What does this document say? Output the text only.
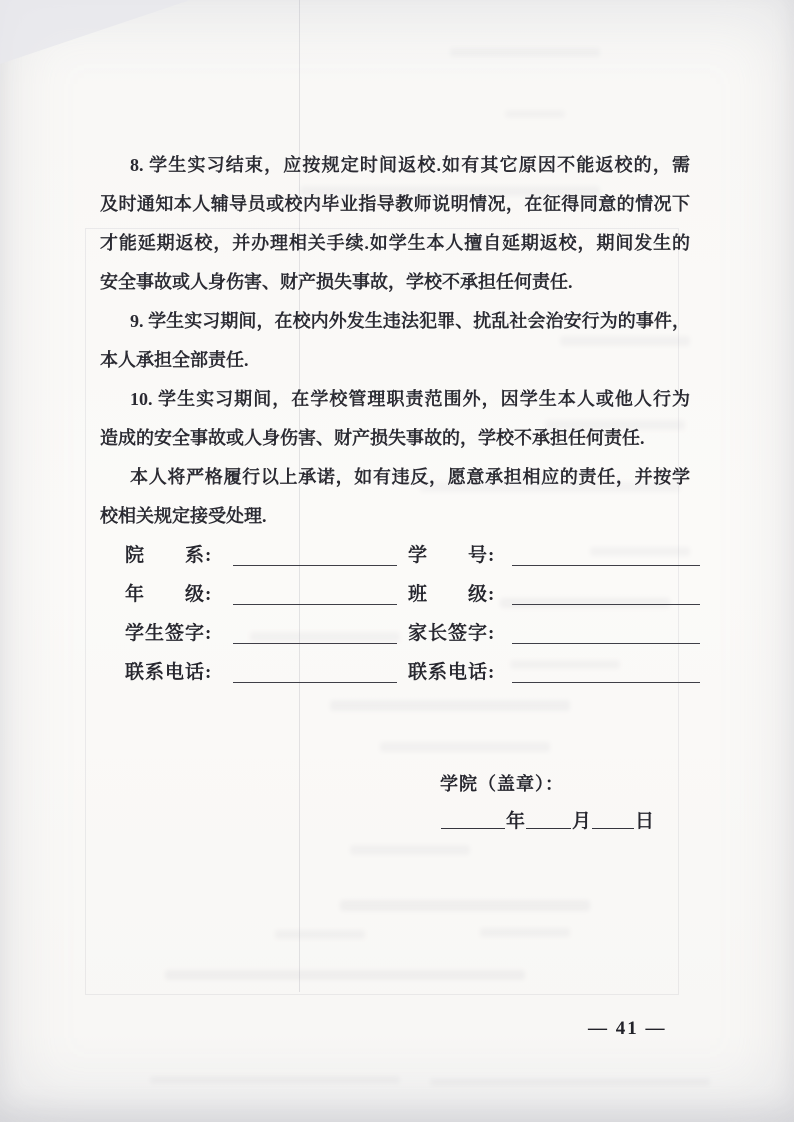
8. 学生实习结束，应按规定时间返校.如有其它原因不能返校的，需
及时通知本人辅导员或校内毕业指导教师说明情况，在征得同意的情况下
才能延期返校，并办理相关手续.如学生本人擅自延期返校，期间发生的
安全事故或人身伤害、财产损失事故，学校不承担任何责任.
9. 学生实习期间，在校内外发生违法犯罪、扰乱社会治安行为的事件，
本人承担全部责任.
10. 学生实习期间，在学校管理职责范围外，因学生本人或他人行为
造成的安全事故或人身伤害、财产损失事故的，学校不承担任何责任.
本人将严格履行以上承诺，如有违反，愿意承担相应的责任，并按学
校相关规定接受处理.
院　　系:	学　　号:
年　　级:	班　　级:
学生签字:	家长签字:
联系电话:	联系电话:
学院（盖章）：
年 月 日
— 41 —
